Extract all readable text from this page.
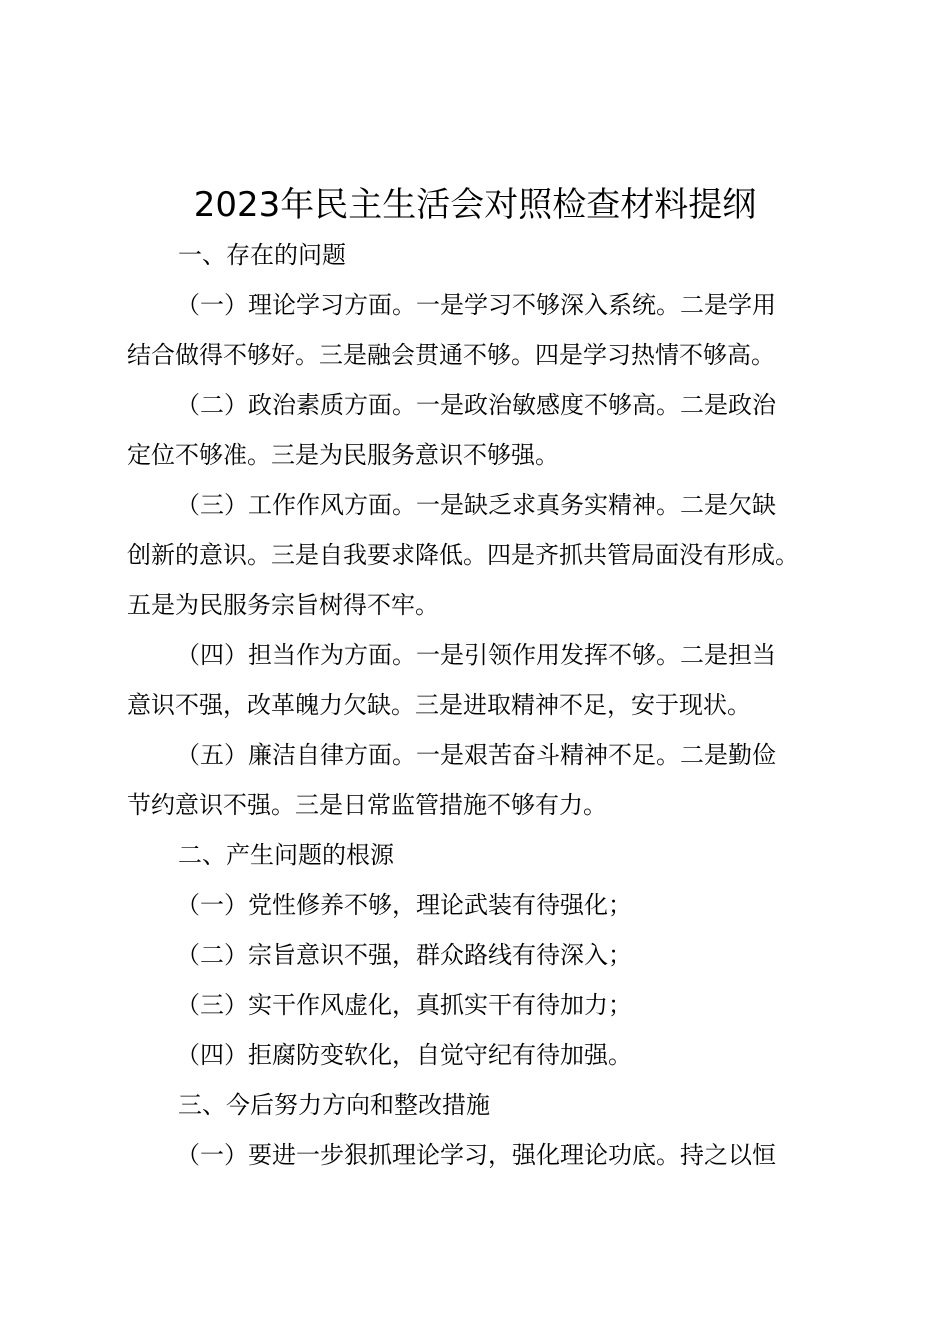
2023年民主生活会对照检查材料提纲
一、存在的问题
（一）理论学习方面。一是学习不够深入系统。二是学用
结合做得不够好。三是融会贯通不够。四是学习热情不够高。
（二）政治素质方面。一是政治敏感度不够高。二是政治
定位不够准。三是为民服务意识不够强。
（三）工作作风方面。一是缺乏求真务实精神。二是欠缺
创新的意识。三是自我要求降低。四是齐抓共管局面没有形成。
五是为民服务宗旨树得不牢。
（四）担当作为方面。一是引领作用发挥不够。二是担当
意识不强，改革魄力欠缺。三是进取精神不足，安于现状。
（五）廉洁自律方面。一是艰苦奋斗精神不足。二是勤俭
节约意识不强。三是日常监管措施不够有力。
二、产生问题的根源
（一）党性修养不够，理论武装有待强化；
（二）宗旨意识不强，群众路线有待深入；
（三）实干作风虚化，真抓实干有待加力；
（四）拒腐防变软化，自觉守纪有待加强。
三、今后努力方向和整改措施
（一）要进一步狠抓理论学习，强化理论功底。持之以恒
